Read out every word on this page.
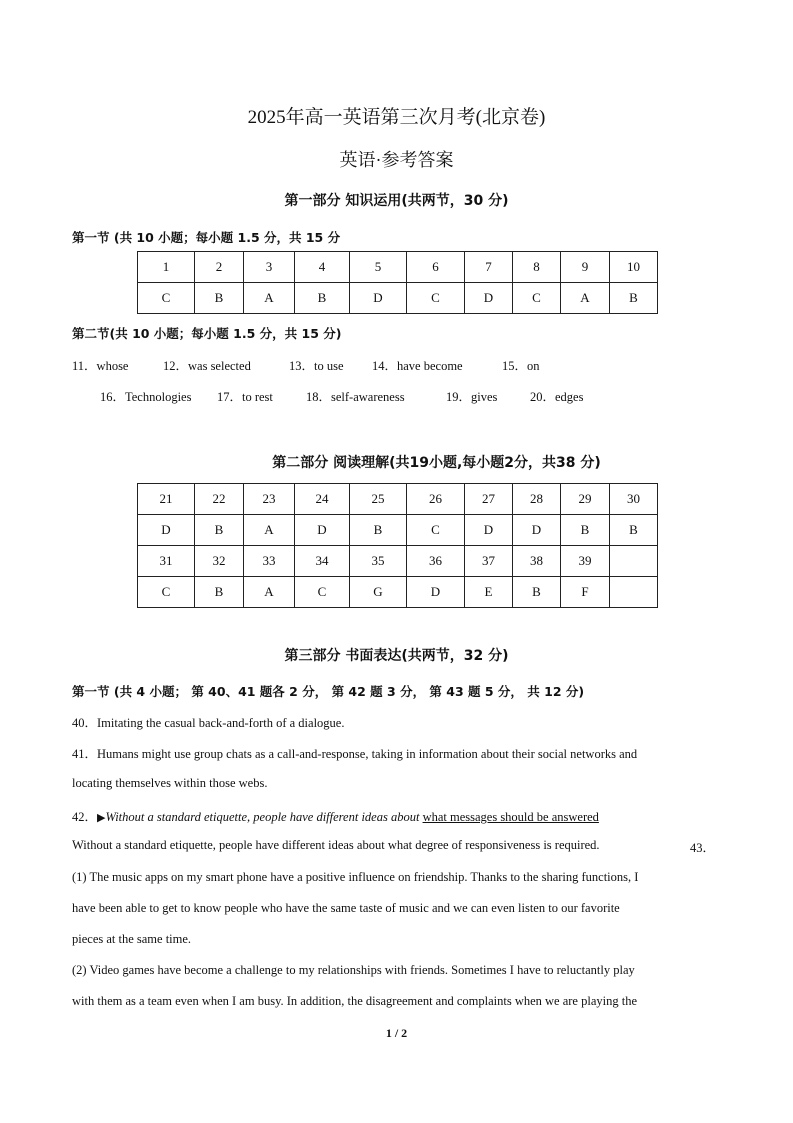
2025年高一英语第三次月考(北京卷)
英语·参考答案
第一部分 知识运用(共两节，30 分)
第一节 (共 10 小题；每小题 1.5 分，共 15 分
1	2	3	4	5	6	7	8	9	10
C	B	A	B	D	C	D	C	A	B
第二节(共 10 小题；每小题 1.5 分，共 15 分)
11．whose	12．was selected	13．to use 14．have become	15．on
16．Technologies 17．to rest	18．self-awareness	19．gives	20．edges
第二部分 阅读理解(共19小题,每小题2分，共38 分)
21	22	23	24	25	26	27	28	29	30
D	B	A	D	B	C	D	D	B	B
31	32	33	34	35	36	37	38	39	
C	B	A	C	G	D	E	B	F	
第三部分 书面表达(共两节，32 分)
第一节 (共 4 小题； 第 40、41 题各 2 分， 第 42 题 3 分， 第 43 题 5 分， 共 12 分)
40．Imitating the casual back-and-forth of a dialogue.
41．Humans might use group chats as a call-and-response, taking in information about their social networks and
locating themselves within those webs.
42．▶Without a standard etiquette, people have different ideas about what messages should be answered
Without a standard etiquette, people have different ideas about what degree of responsiveness is required.	43．
(1) The music apps on my smart phone have a positive influence on friendship. Thanks to the sharing functions, I
have been able to get to know people who have the same taste of music and we can even listen to our favorite
pieces at the same time.
(2) Video games have become a challenge to my relationships with friends. Sometimes I have to reluctantly play
with them as a team even when I am busy. In addition, the disagreement and complaints when we are playing the
1 / 2
